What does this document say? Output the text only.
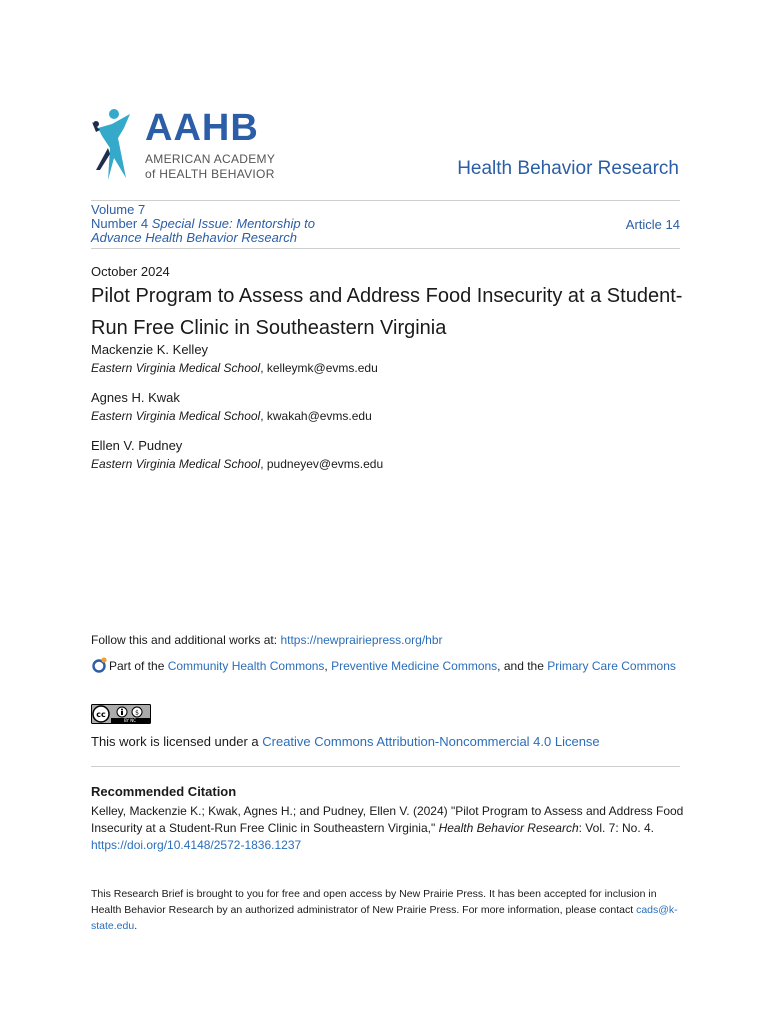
AAHB
AMERICAN ACADEMY
of HEALTH BEHAVIOR	Health Behavior Research
Volume 7
Number 4 Special Issue: Mentorship to
Advance Health Behavior Research
Article 14
October 2024
Pilot Program to Assess and Address Food Insecurity at a Student-Run Free Clinic in Southeastern Virginia
Mackenzie K. Kelley
Eastern Virginia Medical School, kelleymk@evms.edu
Agnes H. Kwak
Eastern Virginia Medical School, kwakah@evms.edu
Ellen V. Pudney
Eastern Virginia Medical School, pudneyev@evms.edu
Follow this and additional works at: https://newprairiepress.org/hbr
Part of the Community Health Commons, Preventive Medicine Commons, and the Primary Care Commons
cc	$
BY NC
This work is licensed under a Creative Commons Attribution-Noncommercial 4.0 License
Recommended Citation
Kelley, Mackenzie K.; Kwak, Agnes H.; and Pudney, Ellen V. (2024) "Pilot Program to Assess and Address Food Insecurity at a Student-Run Free Clinic in Southeastern Virginia," Health Behavior Research: Vol. 7: No. 4. https://doi.org/10.4148/2572-1836.1237
This Research Brief is brought to you for free and open access by New Prairie Press. It has been accepted for inclusion in Health Behavior Research by an authorized administrator of New Prairie Press. For more information, please contact cads@k-state.edu.
